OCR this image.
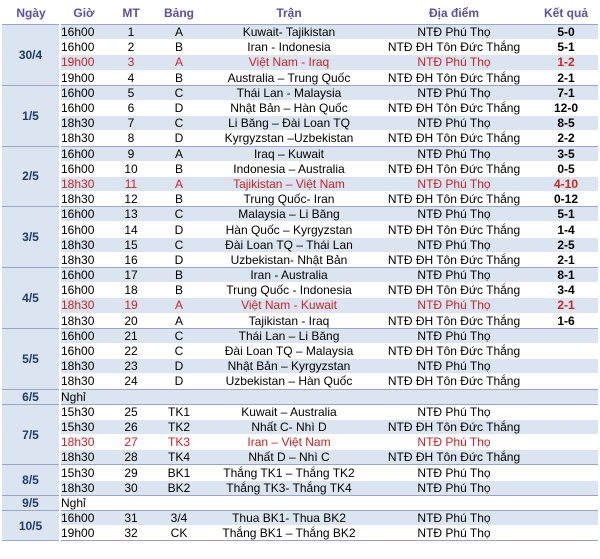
Ngày	Giờ	MT	Bảng	Trận	Địa điểm	Kết quả
30/4	16h00	1	A	Kuwait- Tajikistan	NTĐ Phú Thọ	5-0
	16h00	2	B	Iran - Indonesia	NTĐ ĐH Tôn Đức Thắng	5-1
	19h00	3	A	Việt Nam - Iraq	NTĐ Phú Thọ	1-2
	19h00	4	B	Australia – Trung Quốc	NTĐ ĐH Tôn Đức Thắng	2-1
1/5	16h00	5	C	Thái Lan - Malaysia	NTĐ Phú Thọ	7-1
	16h00	6	D	Nhật Bản – Hàn Quốc	NTĐ ĐH Tôn Đức Thắng	12-0
	18h30	7	C	Li Băng – Đài Loan TQ	NTĐ Phú Thọ	8-5
	18h30	8	D	Kyrgyzstan –Uzbekistan	NTĐ ĐH Tôn Đức Thắng	2-2
2/5	16h00	9	A	Iraq – Kuwait	NTĐ Phú Thọ	3-5
	16h00	10	B	Indonesia – Australia	NTĐ ĐH Tôn Đức Thắng	0-5
	18h30	11	A	Tajikistan – Việt Nam	NTĐ Phú Thọ	4-10
	18h30	12	B	Trung Quốc- Iran	NTĐ ĐH Tôn Đức Thắng	0-12
3/5	16h00	13	C	Malaysia – Li Băng	NTĐ Phú Thọ	5-1
	16h00	14	D	Hàn Quốc – Kyrgyzstan	NTĐ ĐH Tôn Đức Thắng	1-4
	18h30	15	C	Đài Loan TQ – Thái Lan	NTĐ Phú Thọ	2-5
	18h30	16	D	Uzbekistan- Nhật Bản	NTĐ ĐH Tôn Đức Thắng	2-1
4/5	16h00	17	B	Iran - Australia	NTĐ Phú Thọ	8-1
	16h00	18	B	Trung Quốc - Indonesia	NTĐ ĐH Tôn Đức Thắng	3-4
	18h30	19	A	Việt Nam - Kuwait	NTĐ Phú Thọ	2-1
	18h30	20	A	Tajikistan - Iraq	NTĐ ĐH Tôn Đức Thắng	1-6
5/5	16h00	21	C	Thái Lan – Li Băng	NTĐ Phú Thọ	
	16h00	22	C	Đài Loan TQ – Malaysia	NTĐ ĐH Tôn Đức Thắng	
	18h30	23	D	Nhật Bản – Kyrgyzstan	NTĐ Phú Thọ	
	18h30	24	D	Uzbekistan – Hàn Quốc	NTĐ ĐH Tôn Đức Thắng	
6/5	Nghỉ					
7/5	15h30	25	TK1	Kuwait – Australia	NTĐ Phú Thọ	
	15h30	26	TK2	Nhất C- Nhì D	NTĐ ĐH Tôn Đức Thắng	
	18h30	27	TK3	Iran – Việt Nam	NTĐ Phú Thọ	
	18h30	28	TK4	Nhất D – Nhì C	NTĐ ĐH Tôn Đức Thắng	
8/5	15h30	29	BK1	Thắng TK1 – Thắng TK2	NTĐ Phú Thọ	
	18h30	30	BK2	Thắng TK3- Thắng TK4	NTĐ Phú Thọ	
9/5	Nghỉ					
10/5	16h00	31	3/4	Thua BK1- Thua BK2	NTĐ Phú Thọ	
	19h00	32	CK	Thắng BK1 – Thắng BK2	NTĐ Phú Thọ	
